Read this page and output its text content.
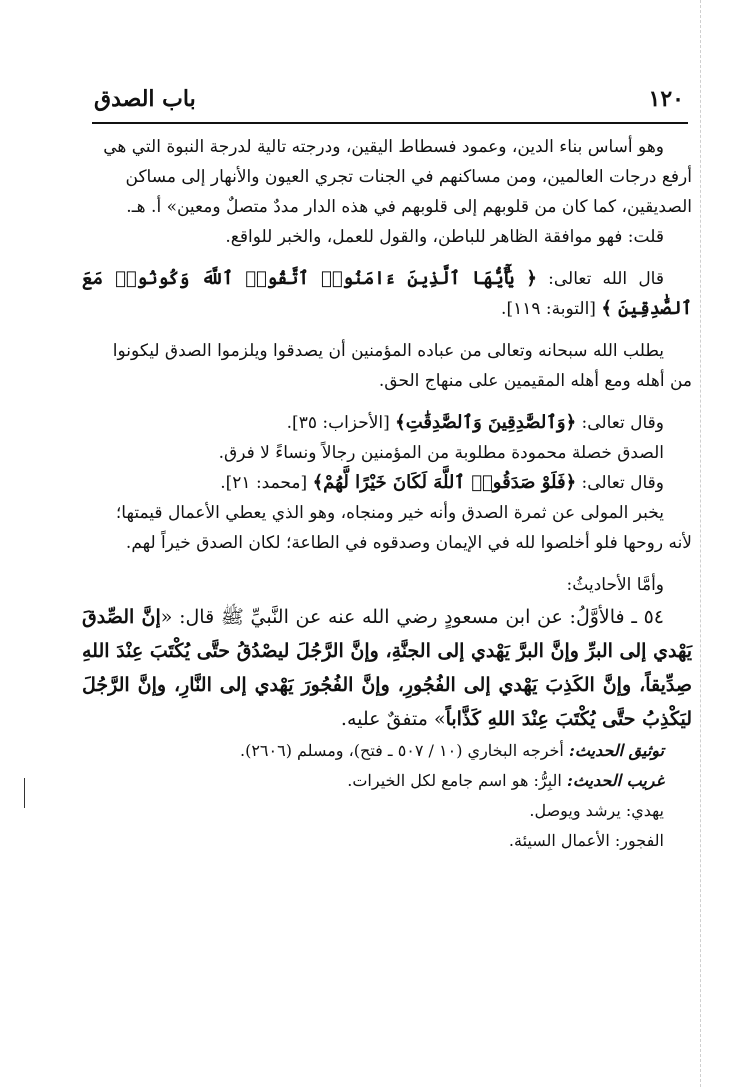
١٢٠
باب الصدق

وهو أساس بناء الدين، وعمود فسطاط اليقين، ودرجته تالية لدرجة النبوة التي هي

أرفع درجات العالمين، ومن مساكنهم في الجنات تجري العيون والأنهار إلى مساكن

الصديقين، كما كان من قلوبهم إلى قلوبهم في هذه الدار مددٌ متصلٌ ومعين» أ. هـ.

قلت: فهو موافقة الظاهر للباطن، والقول للعمل، والخبر للواقع.

قال الله تعالى: ﴿ يَٰٓأَيُّهَا ٱلَّذِينَ ءَامَنُوا۟ ٱتَّقُوا۟ ٱللَّهَ وَكُونُوا۟ مَعَ ٱلصَّٰدِقِينَ ﴾ [التوبة: ١١٩].

يطلب الله سبحانه وتعالى من عباده المؤمنين أن يصدقوا ويلزموا الصدق ليكونوا

من أهله ومع أهله المقيمين على منهاج الحق.

وقال تعالى: ﴿وَٱلصَّٰدِقِينَ وَٱلصَّٰدِقَٰتِ﴾ [الأحزاب: ٣٥].

الصدق خصلة محمودة مطلوبة من المؤمنين رجالاً ونساءً لا فرق.

وقال تعالى: ﴿فَلَوْ صَدَقُوا۟ ٱللَّهَ لَكَانَ خَيْرًا لَّهُمْ﴾ [محمد: ٢١].

يخبر المولى عن ثمرة الصدق وأنه خير ومنجاه، وهو الذي يعطي الأعمال قيمتها؛

لأنه روحها فلو أخلصوا لله في الإيمان وصدقوه في الطاعة؛ لكان الصدق خيراً لهم.

وأمَّا الأحاديثُ:

٥٤ ـ فالأوَّلُ: عن ابن مسعودٍ رضي الله عنه عن النَّبيِّ ﷺ قال: «إنَّ الصِّدقَ يَهْدي إلى البرِّ وإنَّ البرَّ يَهْدي إلى الجنَّةِ، وإنَّ الرَّجُلَ ليصْدُقُ حتَّى يُكْتَبَ عِنْدَ اللهِ صِدِّيقاً، وإنَّ الكَذِبَ يَهْدي إلى الفُجُورِ، وإنَّ الفُجُورَ يَهْدي إلى النَّارِ، وإنَّ الرَّجُلَ ليَكْذِبُ حتَّى يُكْتَبَ عِنْدَ اللهِ كَذَّاباً» متفقٌ عليه.

توثيق الحديث: أخرجه البخاري (١٠ / ٥٠٧ ـ فتح)، ومسلم (٢٦٠٦).

غريب الحديث: البِرُّ: هو اسم جامع لكل الخيرات.

يهدي: يرشد ويوصل.

الفجور: الأعمال السيئة.
